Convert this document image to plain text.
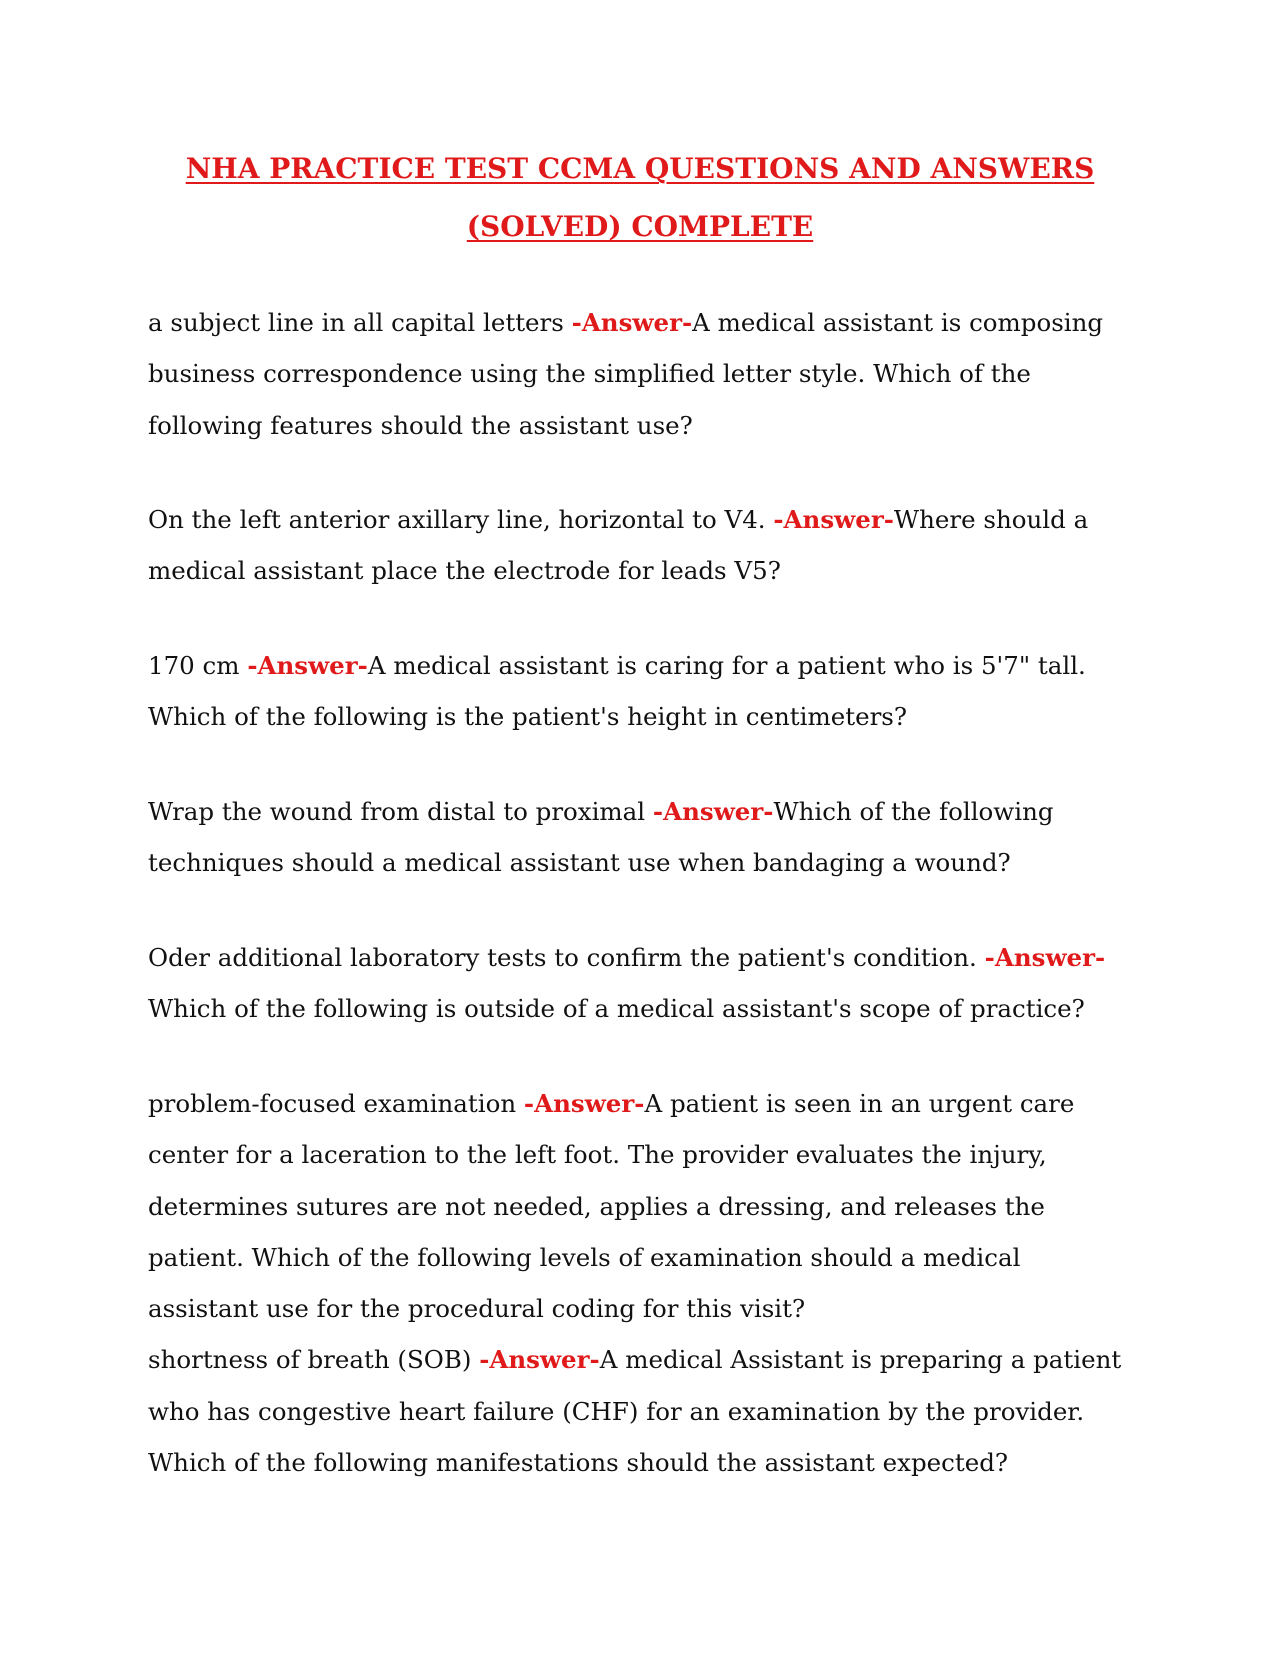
NHA PRACTICE TEST CCMA QUESTIONS AND ANSWERS
(SOLVED) COMPLETE
a subject line in all capital letters -Answer-A medical assistant is composing business correspondence using the simplified letter style. Which of the following features should the assistant use?
On the left anterior axillary line, horizontal to V4. -Answer-Where should a medical assistant place the electrode for leads V5?
170 cm -Answer-A medical assistant is caring for a patient who is 5'7" tall. Which of the following is the patient's height in centimeters?
Wrap the wound from distal to proximal -Answer-Which of the following techniques should a medical assistant use when bandaging a wound?
Oder additional laboratory tests to confirm the patient's condition. -Answer-Which of the following is outside of a medical assistant's scope of practice?
problem-focused examination -Answer-A patient is seen in an urgent care center for a laceration to the left foot. The provider evaluates the injury, determines sutures are not needed, applies a dressing, and releases the patient. Which of the following levels of examination should a medical assistant use for the procedural coding for this visit?
shortness of breath (SOB) -Answer-A medical Assistant is preparing a patient who has congestive heart failure (CHF) for an examination by the provider. Which of the following manifestations should the assistant expected?
